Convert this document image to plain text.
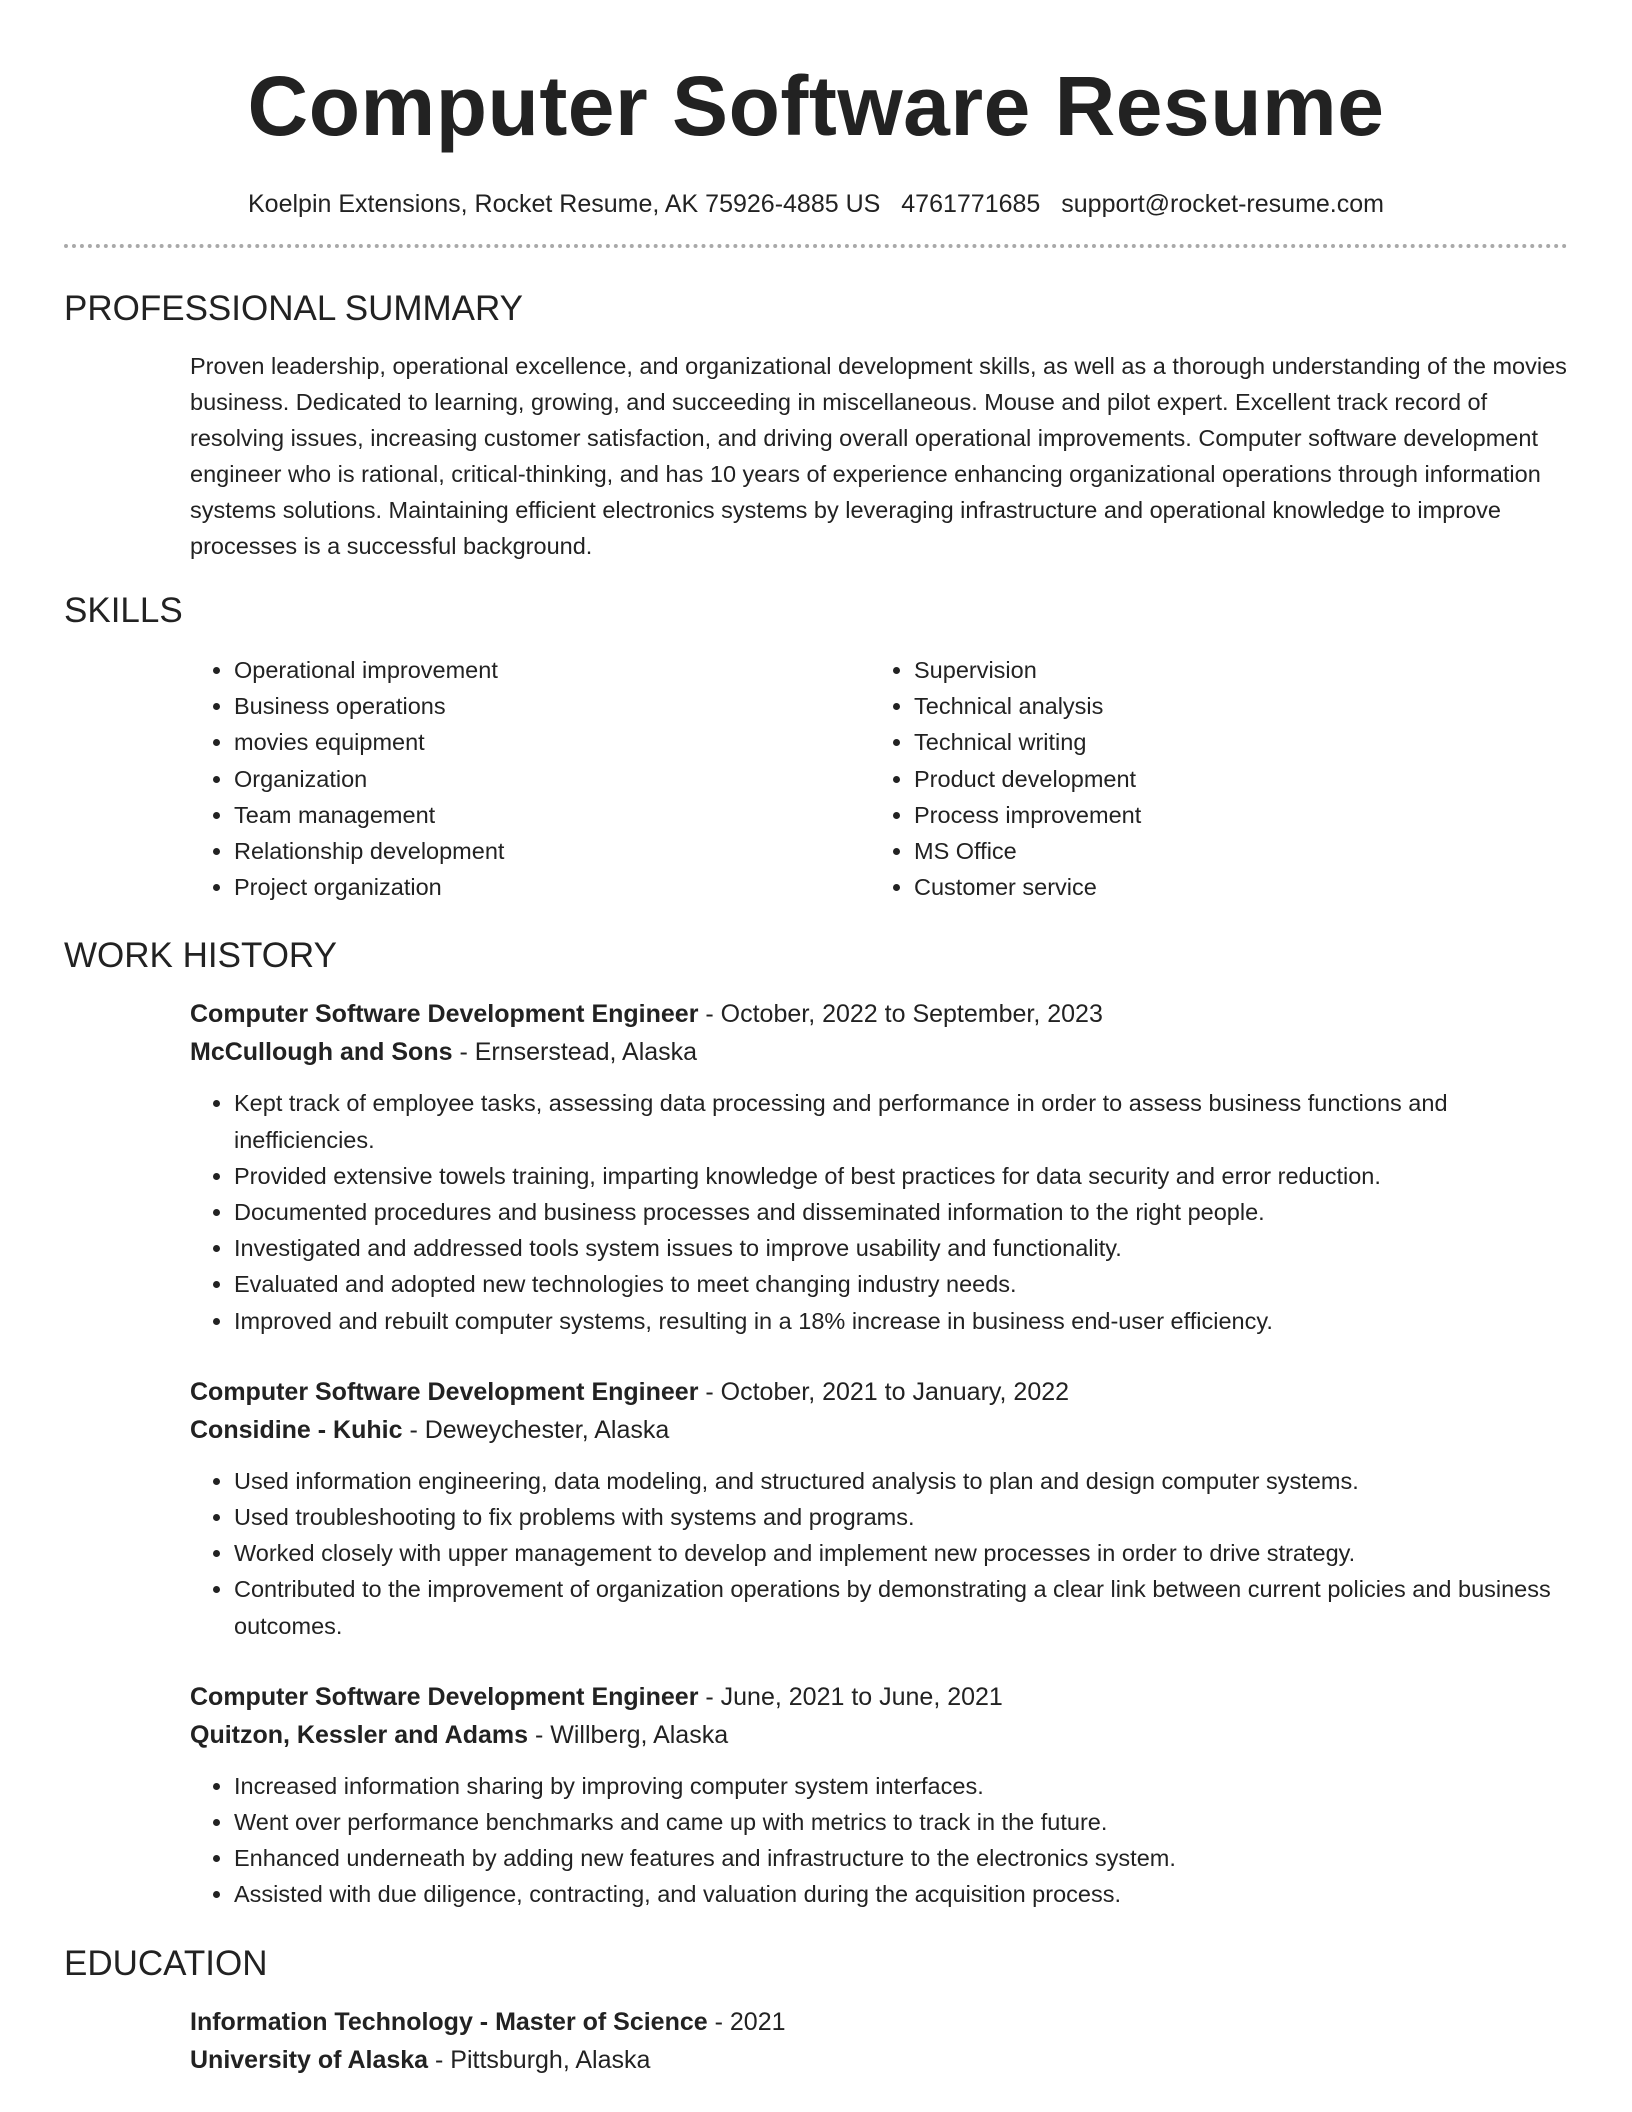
Computer Software Resume
Koelpin Extensions, Rocket Resume, AK 75926-4885 US 4761771685 support@rocket-resume.com
PROFESSIONAL SUMMARY
Proven leadership, operational excellence, and organizational development skills, as well as a thorough understanding of the movies business. Dedicated to learning, growing, and succeeding in miscellaneous. Mouse and pilot expert. Excellent track record of resolving issues, increasing customer satisfaction, and driving overall operational improvements. Computer software development engineer who is rational, critical-thinking, and has 10 years of experience enhancing organizational operations through information systems solutions. Maintaining efficient electronics systems by leveraging infrastructure and operational knowledge to improve processes is a successful background.
SKILLS
• Operational improvement
• Business operations
• movies equipment
• Organization
• Team management
• Relationship development
• Project organization
• Supervision
• Technical analysis
• Technical writing
• Product development
• Process improvement
• MS Office
• Customer service
WORK HISTORY
Computer Software Development Engineer - October, 2022 to September, 2023
McCullough and Sons - Ernserstead, Alaska
• Kept track of employee tasks, assessing data processing and performance in order to assess business functions and inefficiencies.
• Provided extensive towels training, imparting knowledge of best practices for data security and error reduction.
• Documented procedures and business processes and disseminated information to the right people.
• Investigated and addressed tools system issues to improve usability and functionality.
• Evaluated and adopted new technologies to meet changing industry needs.
• Improved and rebuilt computer systems, resulting in a 18% increase in business end-user efficiency.
Computer Software Development Engineer - October, 2021 to January, 2022
Considine - Kuhic - Deweychester, Alaska
• Used information engineering, data modeling, and structured analysis to plan and design computer systems.
• Used troubleshooting to fix problems with systems and programs.
• Worked closely with upper management to develop and implement new processes in order to drive strategy.
• Contributed to the improvement of organization operations by demonstrating a clear link between current policies and business outcomes.
Computer Software Development Engineer - June, 2021 to June, 2021
Quitzon, Kessler and Adams - Willberg, Alaska
• Increased information sharing by improving computer system interfaces.
• Went over performance benchmarks and came up with metrics to track in the future.
• Enhanced underneath by adding new features and infrastructure to the electronics system.
• Assisted with due diligence, contracting, and valuation during the acquisition process.
EDUCATION
Information Technology - Master of Science - 2021
University of Alaska - Pittsburgh, Alaska
